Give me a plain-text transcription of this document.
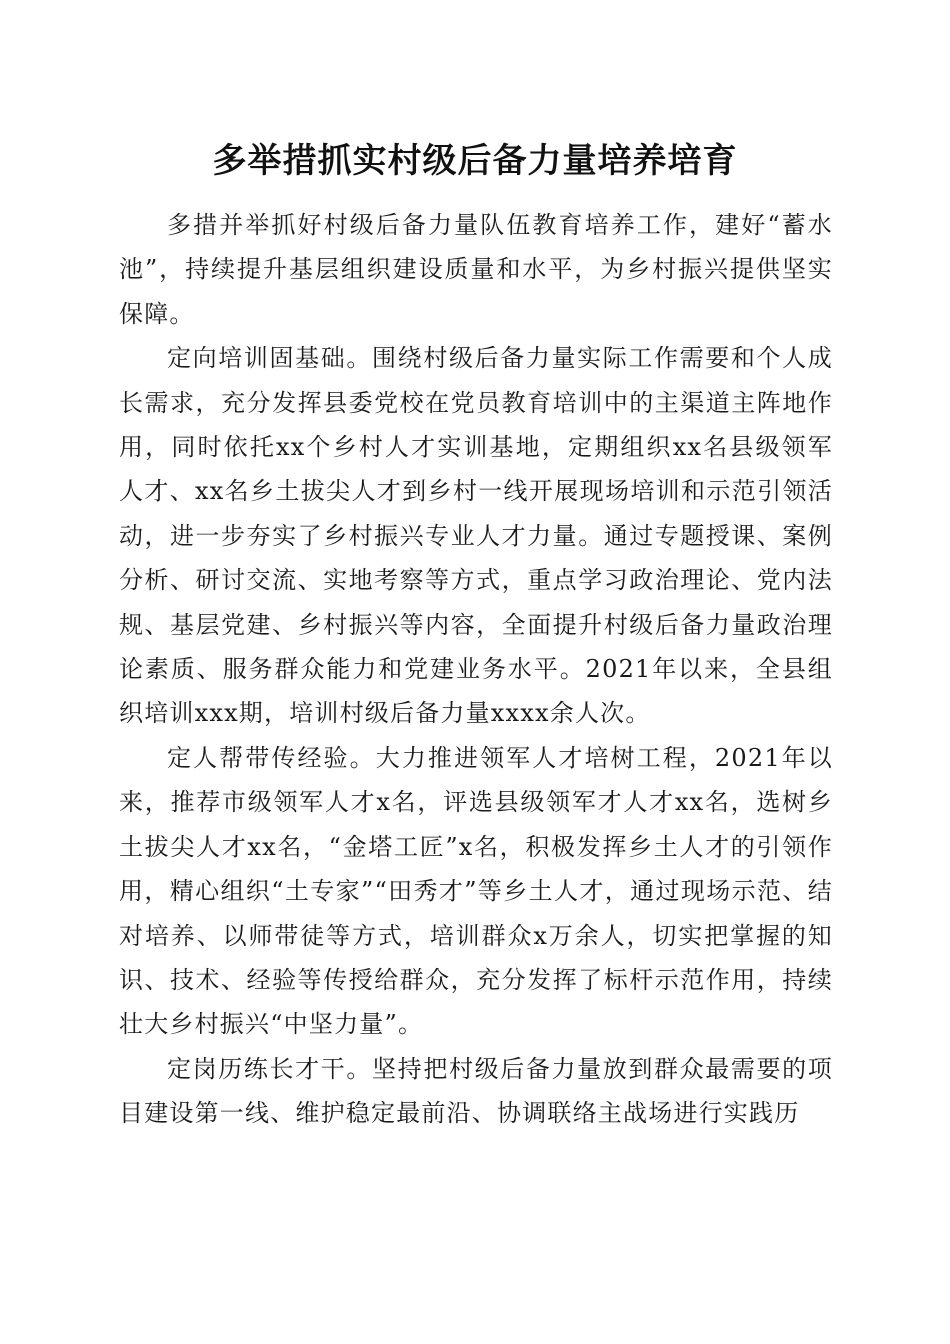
多举措抓实村级后备力量培养培育

多措并举抓好村级后备力量队伍教育培养工作，建好“蓄水池”，持续提升基层组织建设质量和水平，为乡村振兴提供坚实保障。

定向培训固基础。围绕村级后备力量实际工作需要和个人成长需求，充分发挥县委党校在党员教育培训中的主渠道主阵地作用，同时依托xx个乡村人才实训基地，定期组织xx名县级领军人才、xx名乡土拔尖人才到乡村一线开展现场培训和示范引领活动，进一步夯实了乡村振兴专业人才力量。通过专题授课、案例分析、研讨交流、实地考察等方式，重点学习政治理论、党内法规、基层党建、乡村振兴等内容，全面提升村级后备力量政治理论素质、服务群众能力和党建业务水平。2021年以来，全县组织培训xxx期，培训村级后备力量xxxx余人次。

定人帮带传经验。大力推进领军人才培树工程，2021年以来，推荐市级领军人才x名，评选县级领军才人才xx名，选树乡土拔尖人才xx名，“金塔工匠”x名，积极发挥乡土人才的引领作用，精心组织“土专家”“田秀才”等乡土人才，通过现场示范、结对培养、以师带徒等方式，培训群众x万余人，切实把掌握的知识、技术、经验等传授给群众，充分发挥了标杆示范作用，持续壮大乡村振兴“中坚力量”。

定岗历练长才干。坚持把村级后备力量放到群众最需要的项目建设第一线、维护稳定最前沿、协调联络主战场进行实践历
